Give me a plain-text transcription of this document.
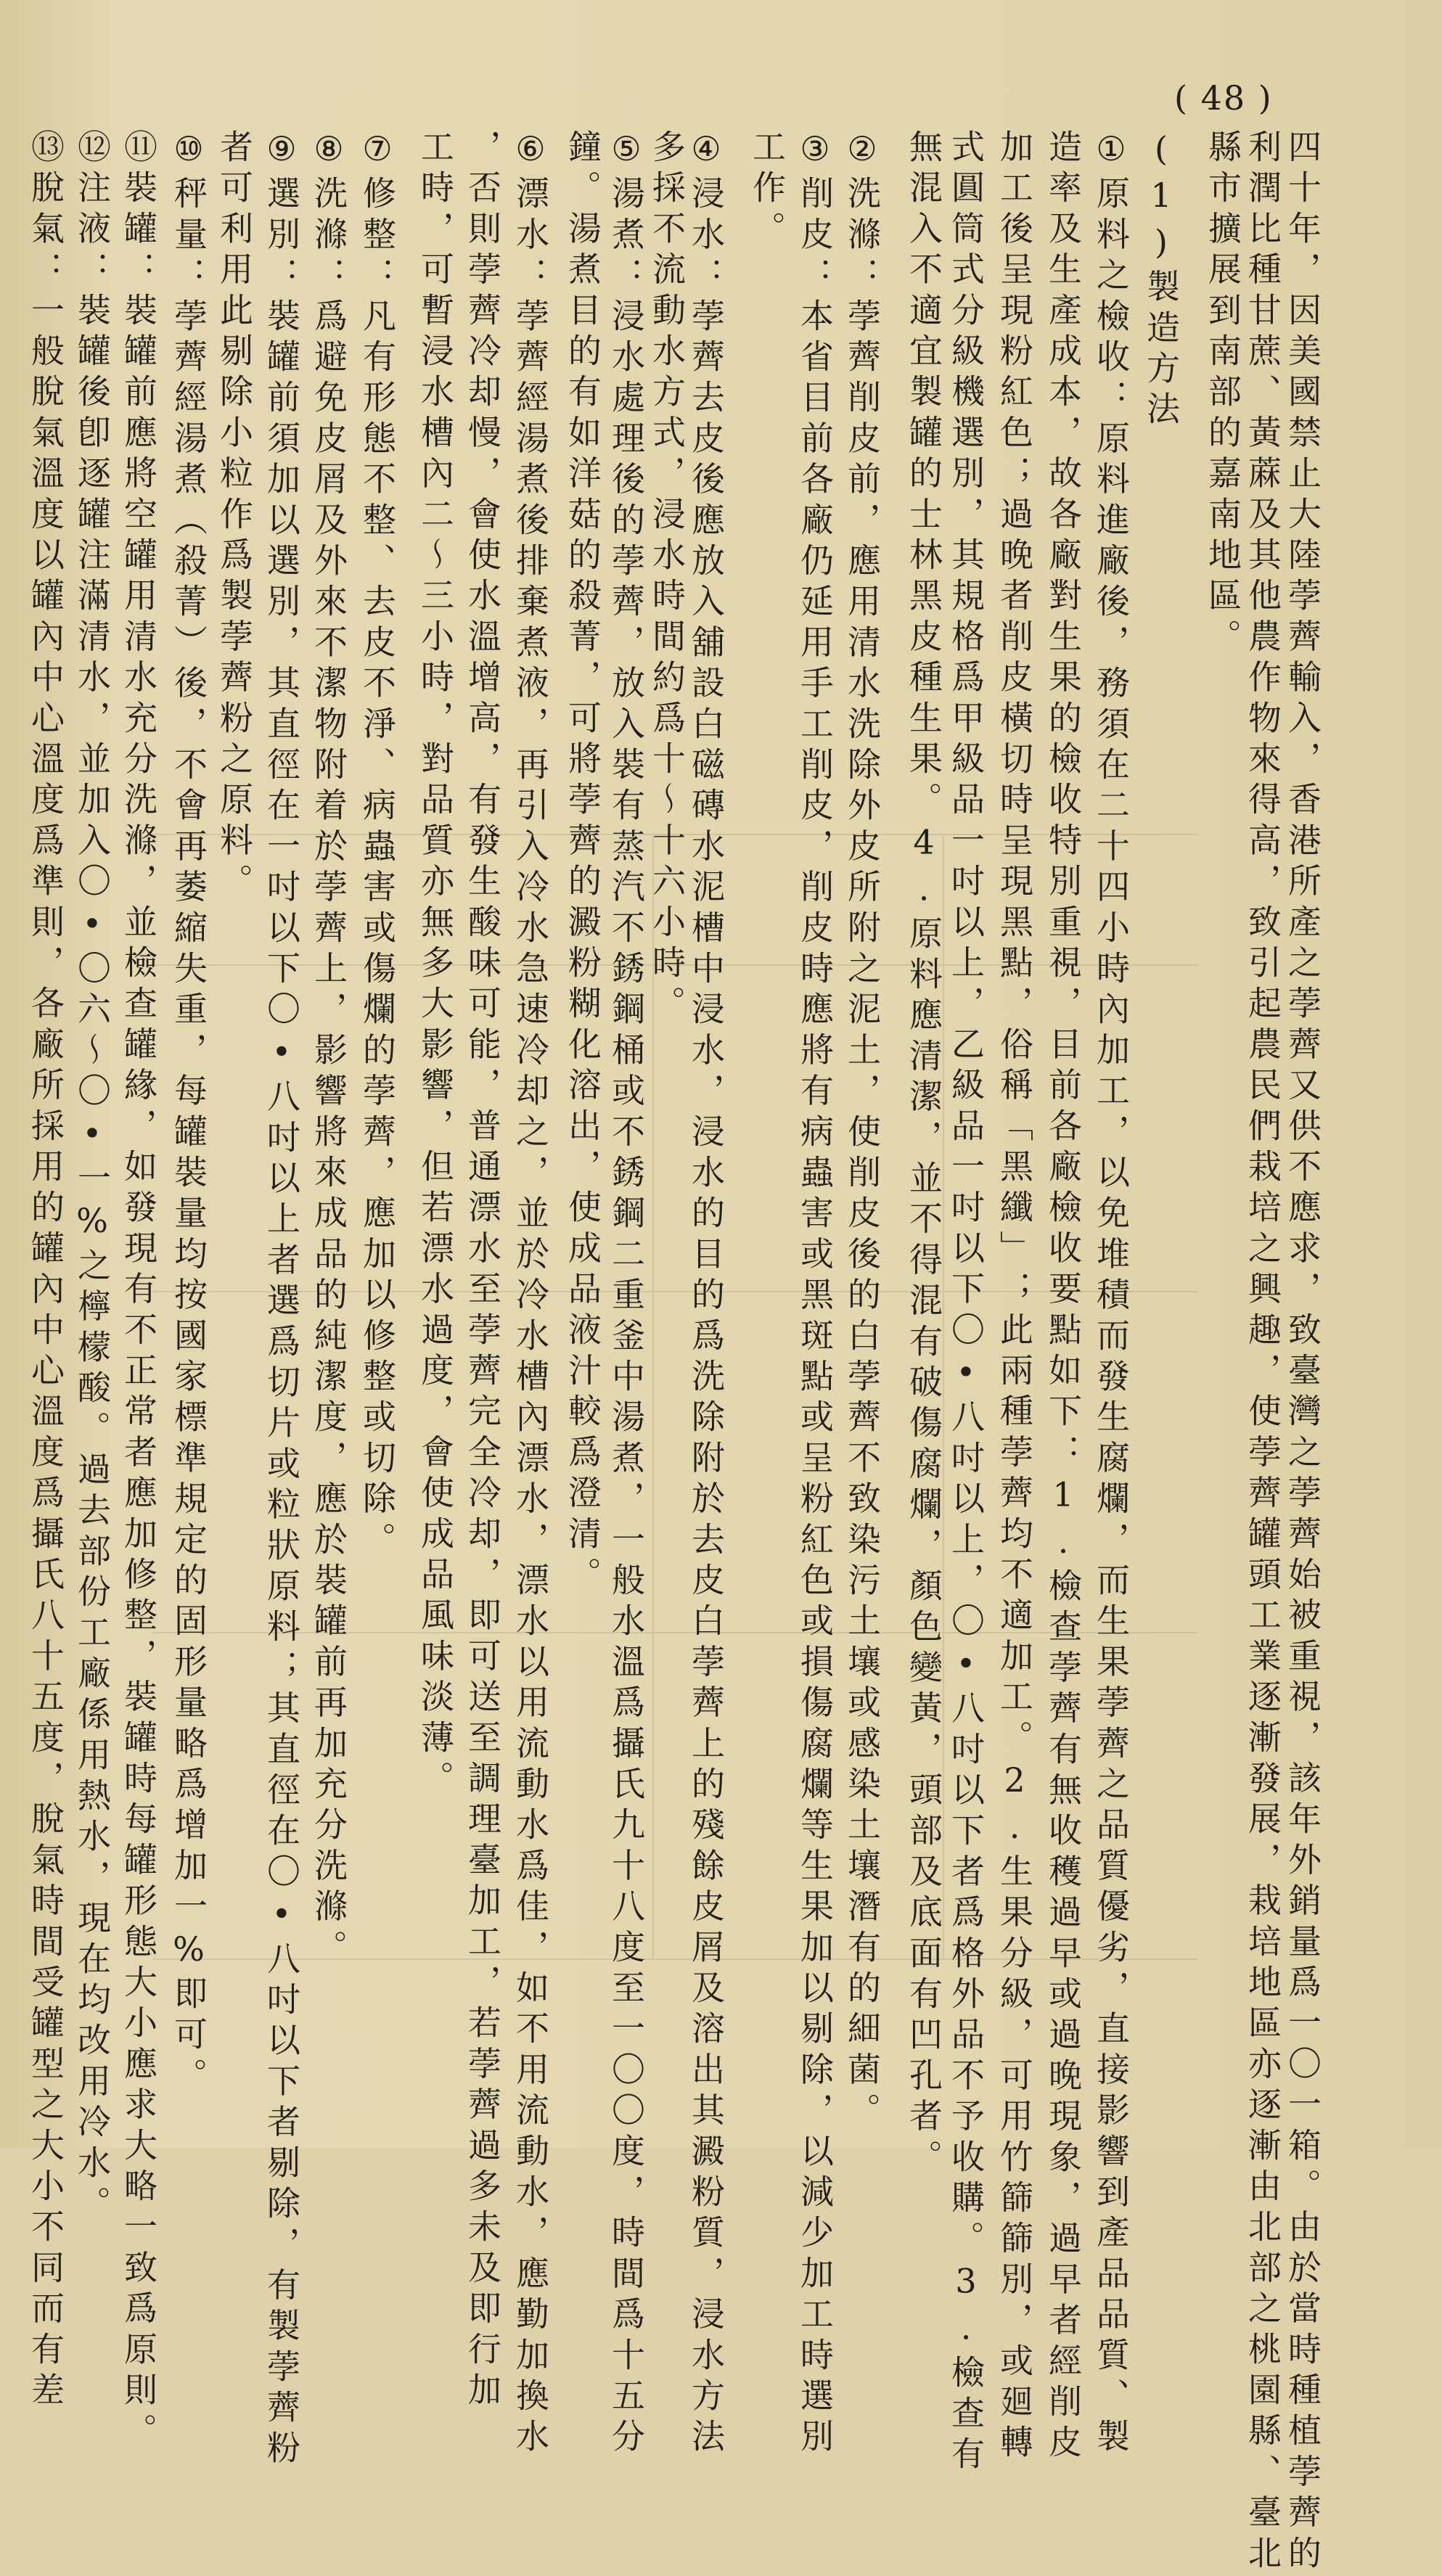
( 48 )
四十年，因美國禁止大陸荸薺輸入，香港所產之荸薺又供不應求，致臺灣之荸薺始被重視，該年外銷量爲一〇一箱。由於當時種植荸薺的
利潤比種甘蔗、黃蔴及其他農作物來得高，致引起農民們栽培之興趣，使荸薺罐頭工業逐漸發展，栽培地區亦逐漸由北部之桃園縣、臺北
縣市擴展到南部的嘉南地區。
(1)製造方法
①原料之檢收：原料進廠後，務須在二十四小時內加工，以免堆積而發生腐爛，而生果荸薺之品質優劣，直接影響到產品品質、製
造率及生產成本，故各廠對生果的檢收特別重視，目前各廠檢收要點如下：1.檢查荸薺有無收穫過早或過晚現象，過早者經削皮
加工後呈現粉紅色；過晚者削皮橫切時呈現黑點，俗稱「黑纖」；此兩種荸薺均不適加工。2.生果分級，可用竹篩篩別，或廻轉
式圓筒式分級機選別，其規格爲甲級品一吋以上，乙級品一吋以下〇•八吋以上，〇•八吋以下者爲格外品不予收購。3.檢查有
無混入不適宜製罐的士林黑皮種生果。4.原料應清潔，並不得混有破傷腐爛，顏色變黃，頭部及底面有凹孔者。
②洗滌：荸薺削皮前，應用清水洗除外皮所附之泥土，使削皮後的白荸薺不致染污土壤或感染土壤潛有的細菌。
③削皮：本省目前各廠仍延用手工削皮，削皮時應將有病蟲害或黑斑點或呈粉紅色或損傷腐爛等生果加以剔除，以減少加工時選別
工作。
④浸水：荸薺去皮後應放入舖設白磁磚水泥槽中浸水，浸水的目的爲洗除附於去皮白荸薺上的殘餘皮屑及溶出其澱粉質，浸水方法
多採不流動水方式，浸水時間約爲十～十六小時。
⑤湯煮：浸水處理後的荸薺，放入裝有蒸汽不銹鋼桶或不銹鋼二重釜中湯煮，一般水溫爲攝氏九十八度至一〇〇度，時間爲十五分
鐘。湯煮目的有如洋菇的殺菁，可將荸薺的澱粉糊化溶出，使成品液汁較爲澄清。
⑥漂水：荸薺經湯煮後排棄煮液，再引入冷水急速冷却之，並於冷水槽內漂水，漂水以用流動水爲佳，如不用流動水，應勤加換水
，否則荸薺冷却慢，會使水溫增高，有發生酸味可能，普通漂水至荸薺完全冷却，即可送至調理臺加工，若荸薺過多未及即行加
工時，可暫浸水槽內二～三小時，對品質亦無多大影響，但若漂水過度，會使成品風味淡薄。
⑦修整：凡有形態不整、去皮不淨、病蟲害或傷爛的荸薺，應加以修整或切除。
⑧洗滌：爲避免皮屑及外來不潔物附着於荸薺上，影響將來成品的純潔度，應於裝罐前再加充分洗滌。
⑨選別：裝罐前須加以選別，其直徑在一吋以下〇•八吋以上者選爲切片或粒狀原料；其直徑在〇•八吋以下者剔除，有製荸薺粉
者可利用此剔除小粒作爲製荸薺粉之原料。
⑩秤量：荸薺經湯煮（殺菁）後，不會再萎縮失重，每罐裝量均按國家標準規定的固形量略爲增加一%即可。
⑪裝罐：裝罐前應將空罐用清水充分洗滌，並檢查罐緣，如發現有不正常者應加修整，裝罐時每罐形態大小應求大略一致爲原則。
⑫注液：裝罐後卽逐罐注滿清水，並加入〇•〇六～〇•一%之檸檬酸。過去部份工廠係用熱水，現在均改用冷水。
⑬脫氣：一般脫氣溫度以罐內中心溫度爲準則，各廠所採用的罐內中心溫度爲攝氏八十五度，脫氣時間受罐型之大小不同而有差
